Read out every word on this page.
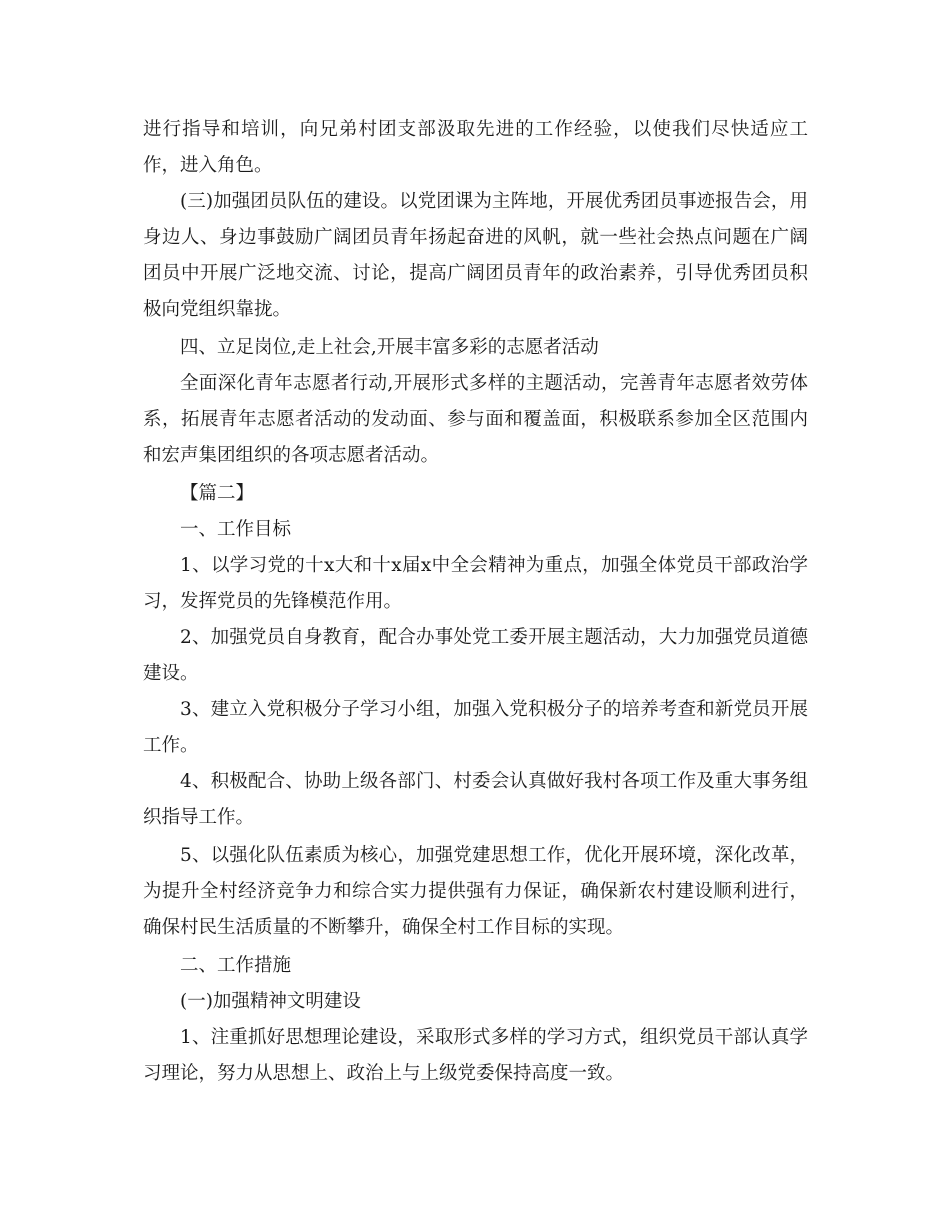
进行指导和培训，向兄弟村团支部汲取先进的工作经验，以使我们尽快适应工作，进入角色。

(三)加强团员队伍的建设。以党团课为主阵地，开展优秀团员事迹报告会，用身边人、身边事鼓励广阔团员青年扬起奋进的风帆，就一些社会热点问题在广阔团员中开展广泛地交流、讨论，提高广阔团员青年的政治素养，引导优秀团员积极向党组织靠拢。

四、立足岗位,走上社会,开展丰富多彩的志愿者活动

全面深化青年志愿者行动,开展形式多样的主题活动，完善青年志愿者效劳体系，拓展青年志愿者活动的发动面、参与面和覆盖面，积极联系参加全区范围内和宏声集团组织的各项志愿者活动。

【篇二】

一、工作目标

1、以学习党的十x大和十x届x中全会精神为重点，加强全体党员干部政治学习，发挥党员的先锋模范作用。

2、加强党员自身教育，配合办事处党工委开展主题活动，大力加强党员道德建设。

3、建立入党积极分子学习小组，加强入党积极分子的培养考查和新党员开展工作。

4、积极配合、协助上级各部门、村委会认真做好我村各项工作及重大事务组织指导工作。

5、以强化队伍素质为核心，加强党建思想工作，优化开展环境，深化改革，为提升全村经济竞争力和综合实力提供强有力保证，确保新农村建设顺利进行，确保村民生活质量的不断攀升，确保全村工作目标的实现。

二、工作措施

(一)加强精神文明建设

1、注重抓好思想理论建设，采取形式多样的学习方式，组织党员干部认真学习理论，努力从思想上、政治上与上级党委保持高度一致。
